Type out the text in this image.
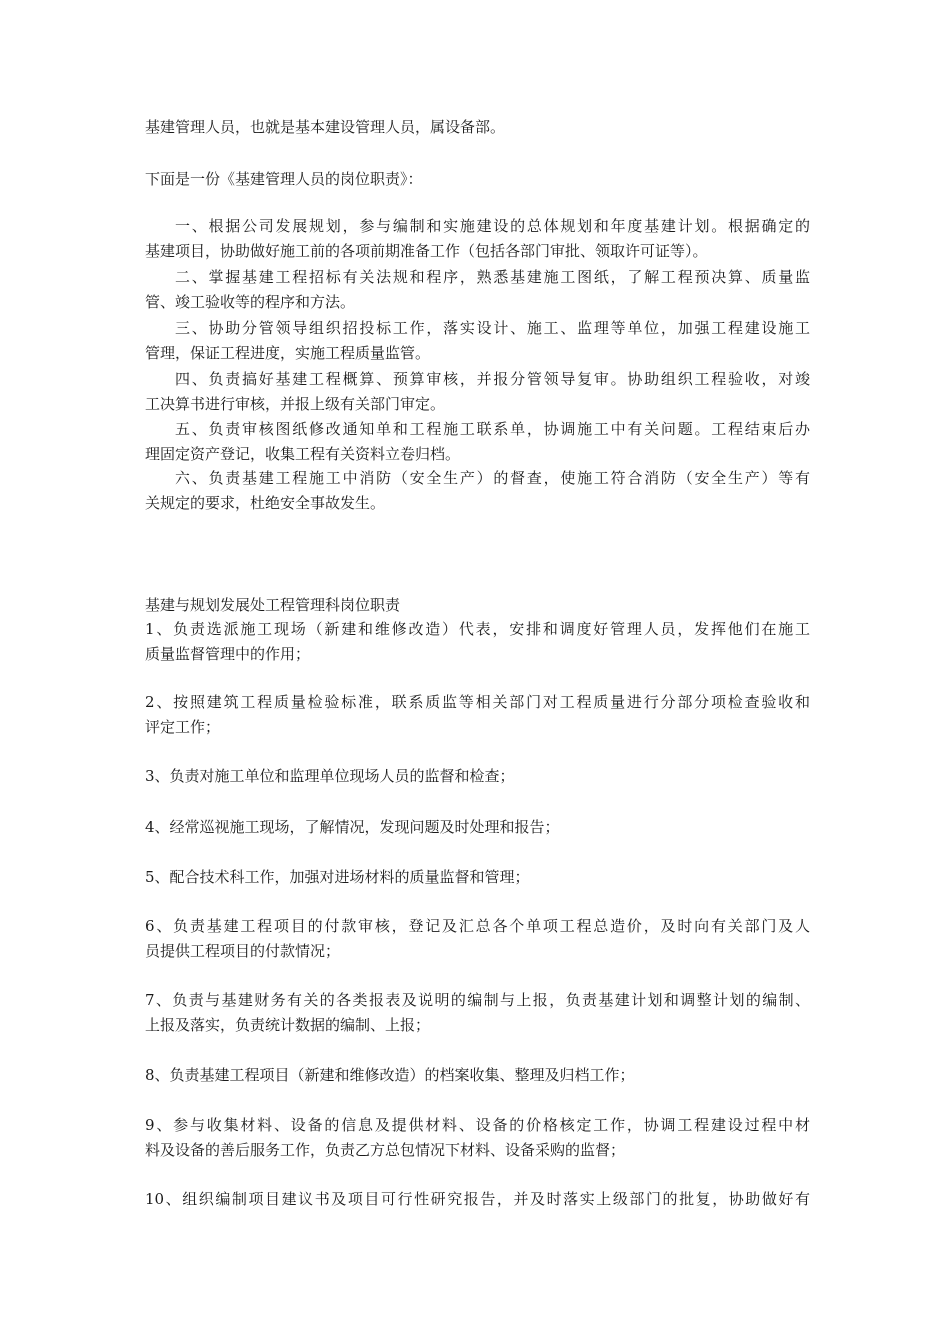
基建管理人员，也就是基本建设管理人员，属设备部。
下面是一份《基建管理人员的岗位职责》：
一、根据公司发展规划，参与编制和实施建设的总体规划和年度基建计划。根据确定的
基建项目，协助做好施工前的各项前期准备工作（包括各部门审批、领取许可证等）。
二、掌握基建工程招标有关法规和程序，熟悉基建施工图纸，了解工程预决算、质量监
管、竣工验收等的程序和方法。
三、协助分管领导组织招投标工作，落实设计、施工、监理等单位，加强工程建设施工
管理，保证工程进度，实施工程质量监管。
四、负责搞好基建工程概算、预算审核，并报分管领导复审。协助组织工程验收，对竣
工决算书进行审核，并报上级有关部门审定。
五、负责审核图纸修改通知单和工程施工联系单，协调施工中有关问题。工程结束后办
理固定资产登记，收集工程有关资料立卷归档。
六、负责基建工程施工中消防（安全生产）的督查，使施工符合消防（安全生产）等有
关规定的要求，杜绝安全事故发生。
基建与规划发展处工程管理科岗位职责
1、负责选派施工现场（新建和维修改造）代表，安排和调度好管理人员，发挥他们在施工
质量监督管理中的作用；
2、按照建筑工程质量检验标准，联系质监等相关部门对工程质量进行分部分项检查验收和
评定工作；
3、负责对施工单位和监理单位现场人员的监督和检查；
4、经常巡视施工现场，了解情况，发现问题及时处理和报告；
5、配合技术科工作，加强对进场材料的质量监督和管理；
6、负责基建工程项目的付款审核，登记及汇总各个单项工程总造价，及时向有关部门及人
员提供工程项目的付款情况；
7、负责与基建财务有关的各类报表及说明的编制与上报，负责基建计划和调整计划的编制、
上报及落实，负责统计数据的编制、上报；
8、负责基建工程项目（新建和维修改造）的档案收集、整理及归档工作；
9、参与收集材料、设备的信息及提供材料、设备的价格核定工作，协调工程建设过程中材
料及设备的善后服务工作，负责乙方总包情况下材料、设备采购的监督；
10、组织编制项目建议书及项目可行性研究报告，并及时落实上级部门的批复，协助做好有
